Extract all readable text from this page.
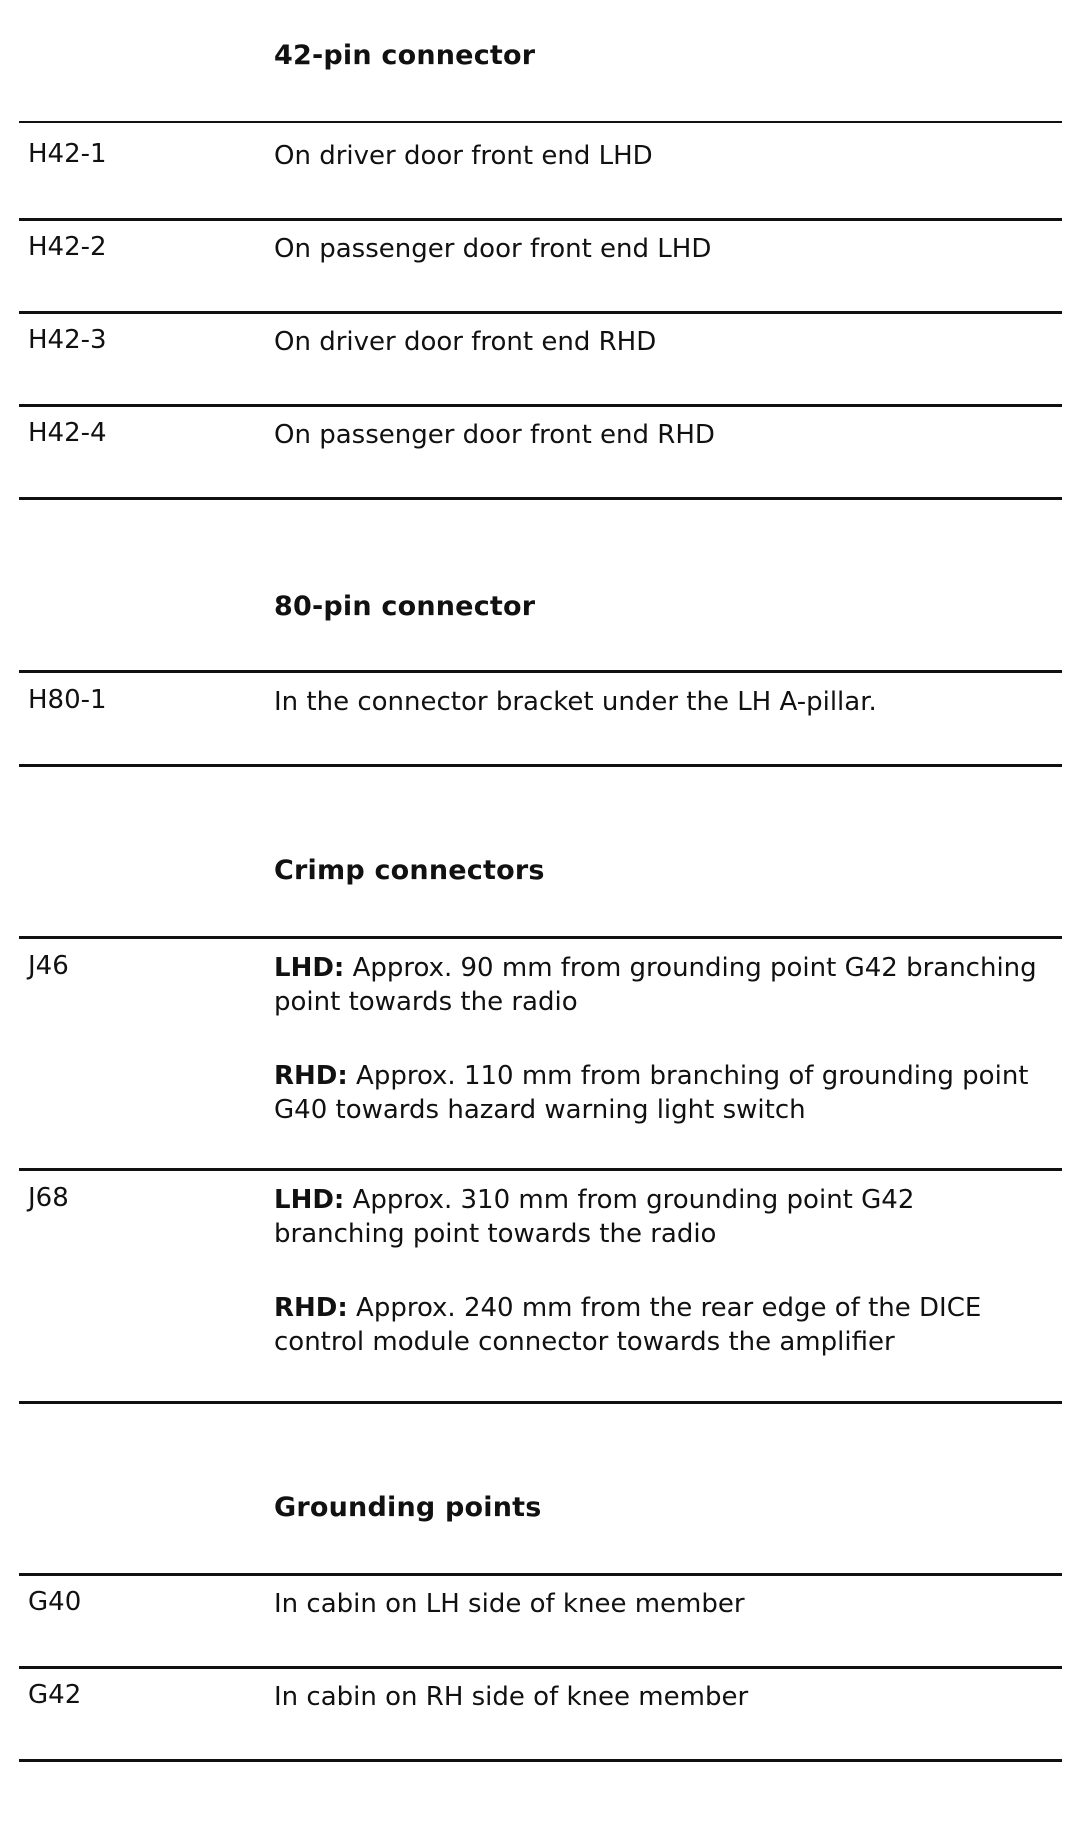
42-pin connector
H42-1	On driver door front end LHD
H42-2	On passenger door front end LHD
H42-3	On driver door front end RHD
H42-4	On passenger door front end RHD
80-pin connector
H80-1	In the connector bracket under the LH A-pillar.
Crimp connectors
J46	LHD: Approx. 90 mm from grounding point G42 branching point towards the radio
RHD: Approx. 110 mm from branching of grounding point G40 towards hazard warning light switch
J68	LHD: Approx. 310 mm from grounding point G42 branching point towards the radio
RHD: Approx. 240 mm from the rear edge of the DICE control module connector towards the amplifier
Grounding points
G40	In cabin on LH side of knee member
G42	In cabin on RH side of knee member
